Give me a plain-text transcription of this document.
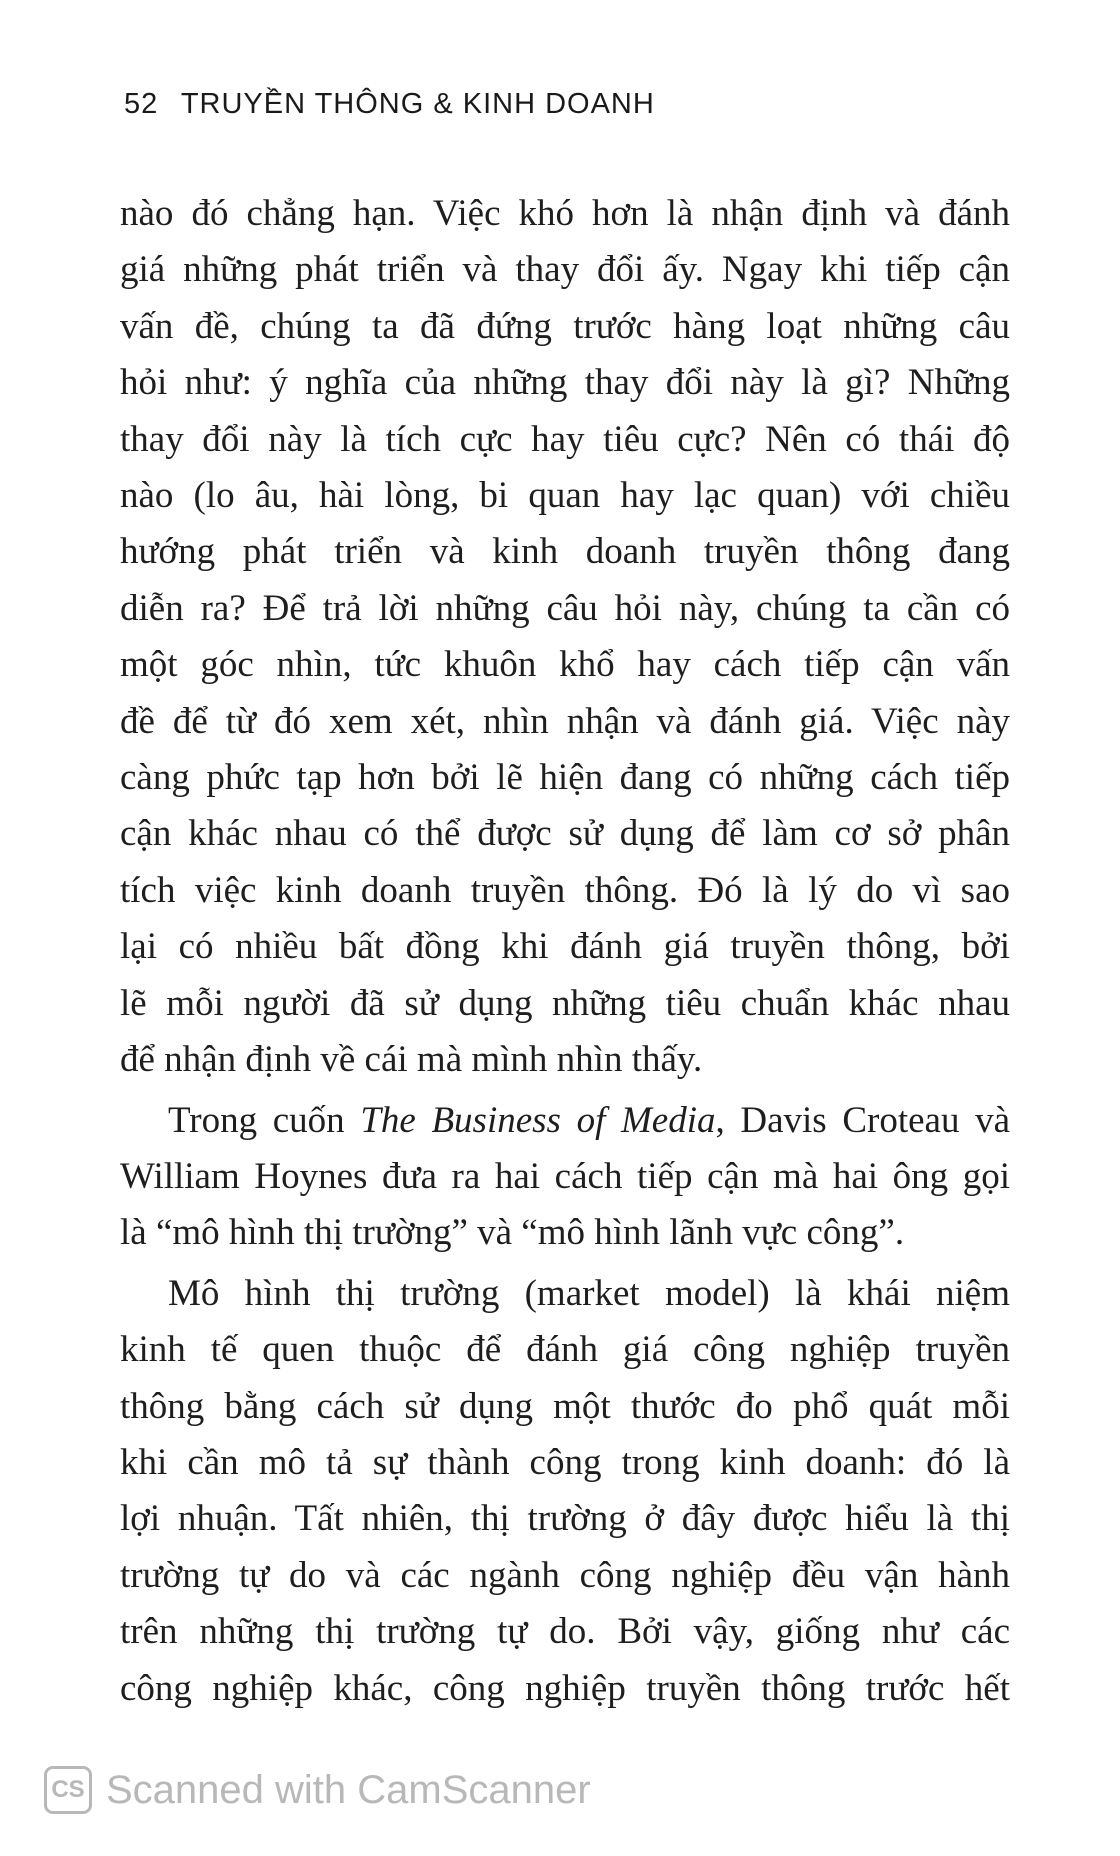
52 TRUYỀN THÔNG & KINH DOANH
nào đó chẳng hạn. Việc khó hơn là nhận định và đánh
giá những phát triển và thay đổi ấy. Ngay khi tiếp cận
vấn đề, chúng ta đã đứng trước hàng loạt những câu
hỏi như: ý nghĩa của những thay đổi này là gì? Những
thay đổi này là tích cực hay tiêu cực? Nên có thái độ
nào (lo âu, hài lòng, bi quan hay lạc quan) với chiều
hướng phát triển và kinh doanh truyền thông đang
diễn ra? Để trả lời những câu hỏi này, chúng ta cần có
một góc nhìn, tức khuôn khổ hay cách tiếp cận vấn
đề để từ đó xem xét, nhìn nhận và đánh giá. Việc này
càng phức tạp hơn bởi lẽ hiện đang có những cách tiếp
cận khác nhau có thể được sử dụng để làm cơ sở phân
tích việc kinh doanh truyền thông. Đó là lý do vì sao
lại có nhiều bất đồng khi đánh giá truyền thông, bởi
lẽ mỗi người đã sử dụng những tiêu chuẩn khác nhau
để nhận định về cái mà mình nhìn thấy.
Trong cuốn The Business of Media, Davis Croteau và
William Hoynes đưa ra hai cách tiếp cận mà hai ông gọi
là “mô hình thị trường” và “mô hình lãnh vực công”.
Mô hình thị trường (market model) là khái niệm
kinh tế quen thuộc để đánh giá công nghiệp truyền
thông bằng cách sử dụng một thước đo phổ quát mỗi
khi cần mô tả sự thành công trong kinh doanh: đó là
lợi nhuận. Tất nhiên, thị trường ở đây được hiểu là thị
trường tự do và các ngành công nghiệp đều vận hành
trên những thị trường tự do. Bởi vậy, giống như các
công nghiệp khác, công nghiệp truyền thông trước hết
CS Scanned with CamScanner
